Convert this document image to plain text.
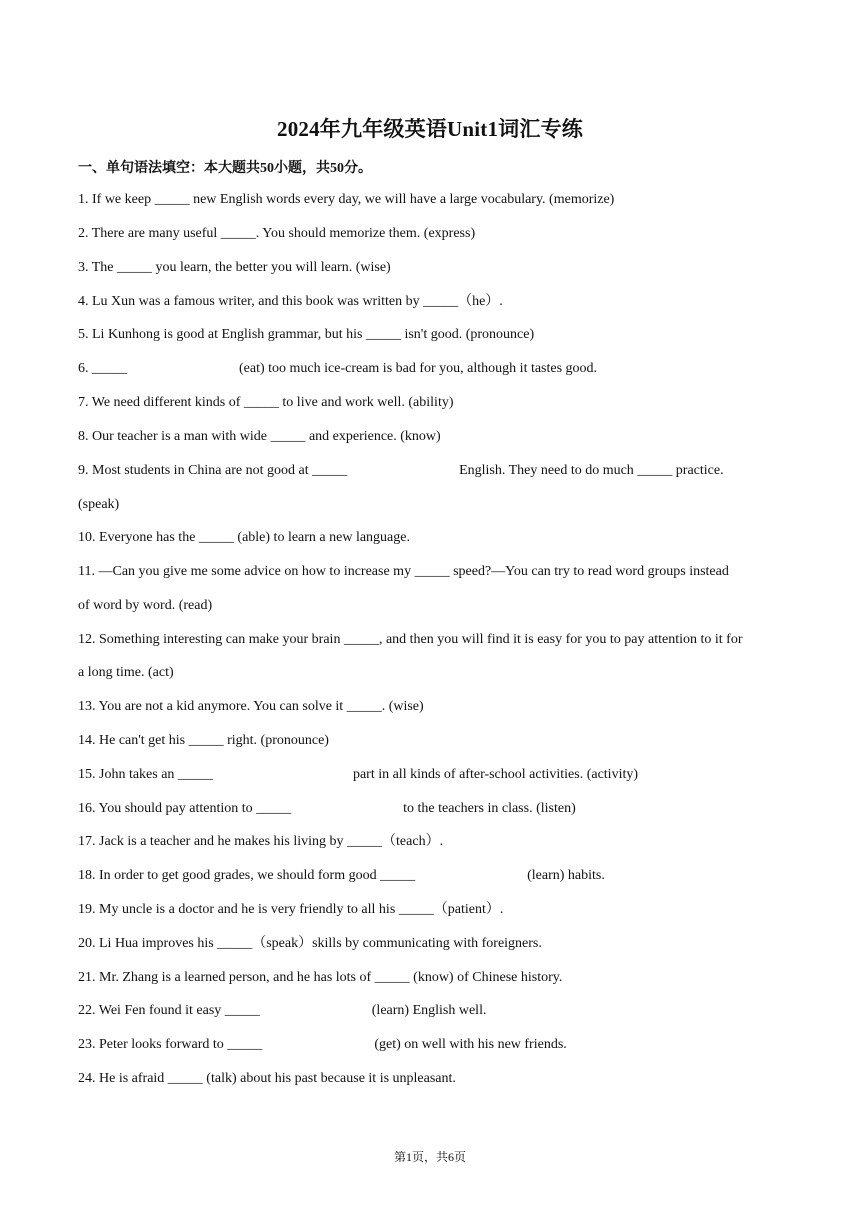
2024年九年级英语Unit1词汇专练
一、单句语法填空：本大题共50小题，共50分。
1. If we keep _____ new English words every day, we will have a large vocabulary. (memorize)
2. There are many useful _____. You should memorize them. (express)
3. The _____ you learn, the better you will learn. (wise)
4. Lu Xun was a famous writer, and this book was written by _____（he）.
5. Li Kunhong is good at English grammar, but his _____ isn't good. (pronounce)
6. _____	(eat) too much ice-cream is bad for you, although it tastes good.
7. We need different kinds of _____ to live and work well. (ability)
8. Our teacher is a man with wide _____ and experience. (know)
9. Most students in China are not good at _____	English. They need to do much _____ practice.
(speak)
10. Everyone has the _____ (able) to learn a new language.
11. —Can you give me some advice on how to increase my _____ speed?—You can try to read word groups instead
of word by word. (read)
12. Something interesting can make your brain _____, and then you will find it is easy for you to pay attention to it for
a long time. (act)
13. You are not a kid anymore. You can solve it _____. (wise)
14. He can't get his _____ right. (pronounce)
15. John takes an _____	part in all kinds of after-school activities. (activity)
16. You should pay attention to _____	to the teachers in class. (listen)
17. Jack is a teacher and he makes his living by _____（teach）.
18. In order to get good grades, we should form good _____	(learn) habits.
19. My uncle is a doctor and he is very friendly to all his _____（patient）.
20. Li Hua improves his _____（speak）skills by communicating with foreigners.
21. Mr. Zhang is a learned person, and he has lots of _____ (know) of Chinese history.
22. Wei Fen found it easy _____	(learn) English well.
23. Peter looks forward to _____	(get) on well with his new friends.
24. He is afraid _____ (talk) about his past because it is unpleasant.
第1页，共6页
